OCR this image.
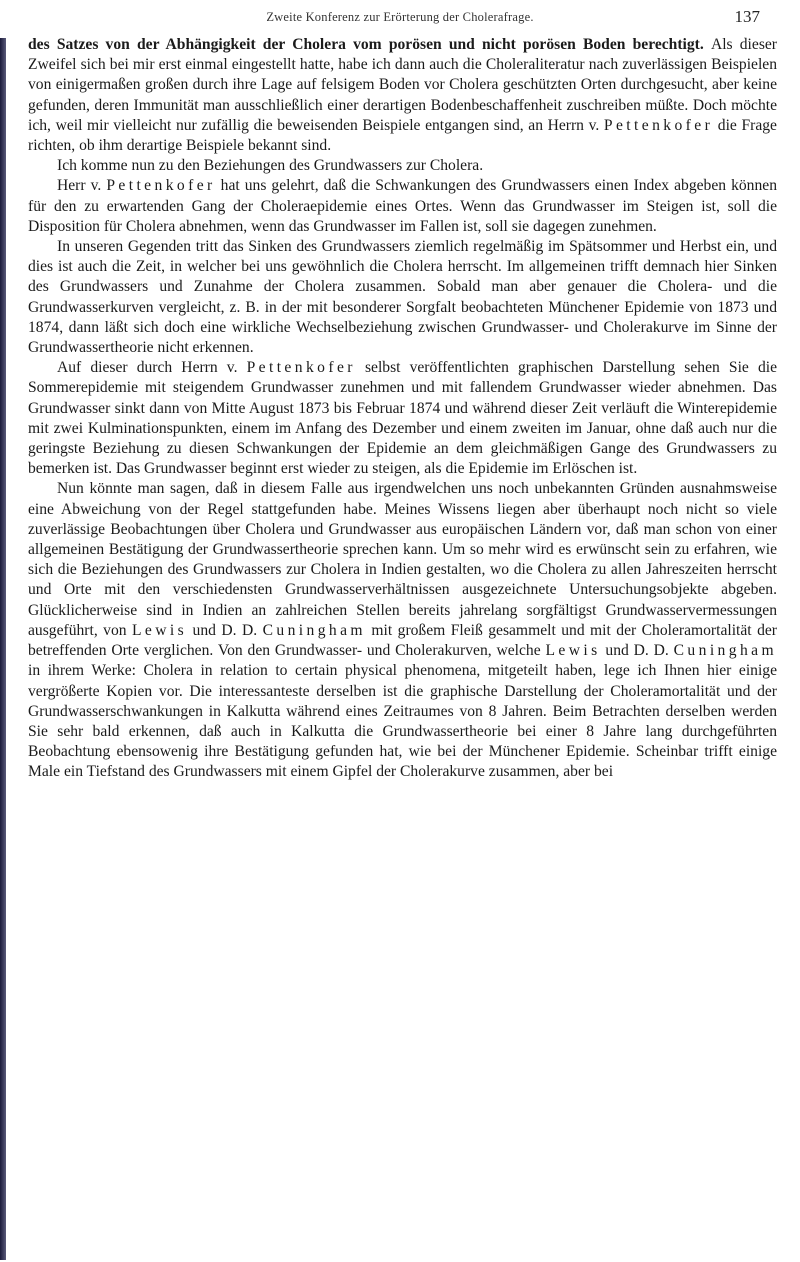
Zweite Konferenz zur Erörterung der Cholerafrage.	137

des Satzes von der Abhängigkeit der Cholera vom porösen und nicht porösen Boden berechtigt. Als dieser Zweifel sich bei mir erst einmal eingestellt hatte, habe ich dann auch die Choleraliteratur nach zuverlässigen Beispielen von einigermaßen großen durch ihre Lage auf felsigem Boden vor Cholera geschützten Orten durchgesucht, aber keine gefunden, deren Immunität man ausschließlich einer derartigen Bodenbeschaffenheit zuschreiben müßte. Doch möchte ich, weil mir vielleicht nur zufällig die beweisenden Beispiele entgangen sind, an Herrn v. Pettenkofer die Frage richten, ob ihm derartige Beispiele bekannt sind.

Ich komme nun zu den Beziehungen des Grundwassers zur Cholera.

Herr v. Pettenkofer hat uns gelehrt, daß die Schwankungen des Grundwassers einen Index abgeben können für den zu erwartenden Gang der Choleraepidemie eines Ortes. Wenn das Grundwasser im Steigen ist, soll die Disposition für Cholera abnehmen, wenn das Grundwasser im Fallen ist, soll sie dagegen zunehmen.

In unseren Gegenden tritt das Sinken des Grundwassers ziemlich regelmäßig im Spätsommer und Herbst ein, und dies ist auch die Zeit, in welcher bei uns gewöhnlich die Cholera herrscht. Im allgemeinen trifft demnach hier Sinken des Grundwassers und Zunahme der Cholera zusammen. Sobald man aber genauer die Cholera- und die Grundwasserkurven vergleicht, z. B. in der mit besonderer Sorgfalt beobachteten Münchener Epidemie von 1873 und 1874, dann läßt sich doch eine wirkliche Wechselbeziehung zwischen Grundwasser- und Cholerakurve im Sinne der Grundwassertheorie nicht erkennen.

Auf dieser durch Herrn v. Pettenkofer selbst veröffentlichten graphischen Darstellung sehen Sie die Sommerepidemie mit steigendem Grundwasser zunehmen und mit fallendem Grundwasser wieder abnehmen. Das Grundwasser sinkt dann von Mitte August 1873 bis Februar 1874 und während dieser Zeit verläuft die Winterepidemie mit zwei Kulminationspunkten, einem im Anfang des Dezember und einem zweiten im Januar, ohne daß auch nur die geringste Beziehung zu diesen Schwankungen der Epidemie an dem gleichmäßigen Gange des Grundwassers zu bemerken ist. Das Grundwasser beginnt erst wieder zu steigen, als die Epidemie im Erlöschen ist.

Nun könnte man sagen, daß in diesem Falle aus irgendwelchen uns noch unbekannten Gründen ausnahmsweise eine Abweichung von der Regel stattgefunden habe. Meines Wissens liegen aber überhaupt noch nicht so viele zuverlässige Beobachtungen über Cholera und Grundwasser aus europäischen Ländern vor, daß man schon von einer allgemeinen Bestätigung der Grundwassertheorie sprechen kann. Um so mehr wird es erwünscht sein zu erfahren, wie sich die Beziehungen des Grundwassers zur Cholera in Indien gestalten, wo die Cholera zu allen Jahreszeiten herrscht und Orte mit den verschiedensten Grundwasserverhältnissen ausgezeichnete Untersuchungsobjekte abgeben. Glücklicherweise sind in Indien an zahlreichen Stellen bereits jahrelang sorgfältigst Grundwasservermessungen ausgeführt, von Lewis und D. D. Cuningham mit großem Fleiß gesammelt und mit der Choleramortalität der betreffenden Orte verglichen. Von den Grundwasser- und Cholerakurven, welche Lewis und D. D. Cuningham in ihrem Werke: Cholera in relation to certain physical phenomena, mitgeteilt haben, lege ich Ihnen hier einige vergrößerte Kopien vor. Die interessanteste derselben ist die graphische Darstellung der Choleramortalität und der Grundwasserschwankungen in Kalkutta während eines Zeitraumes von 8 Jahren. Beim Betrachten derselben werden Sie sehr bald erkennen, daß auch in Kalkutta die Grundwassertheorie bei einer 8 Jahre lang durchgeführten Beobachtung ebensowenig ihre Bestätigung gefunden hat, wie bei der Münchener Epidemie. Scheinbar trifft einige Male ein Tiefstand des Grundwassers mit einem Gipfel der Cholerakurve zusammen, aber bei
